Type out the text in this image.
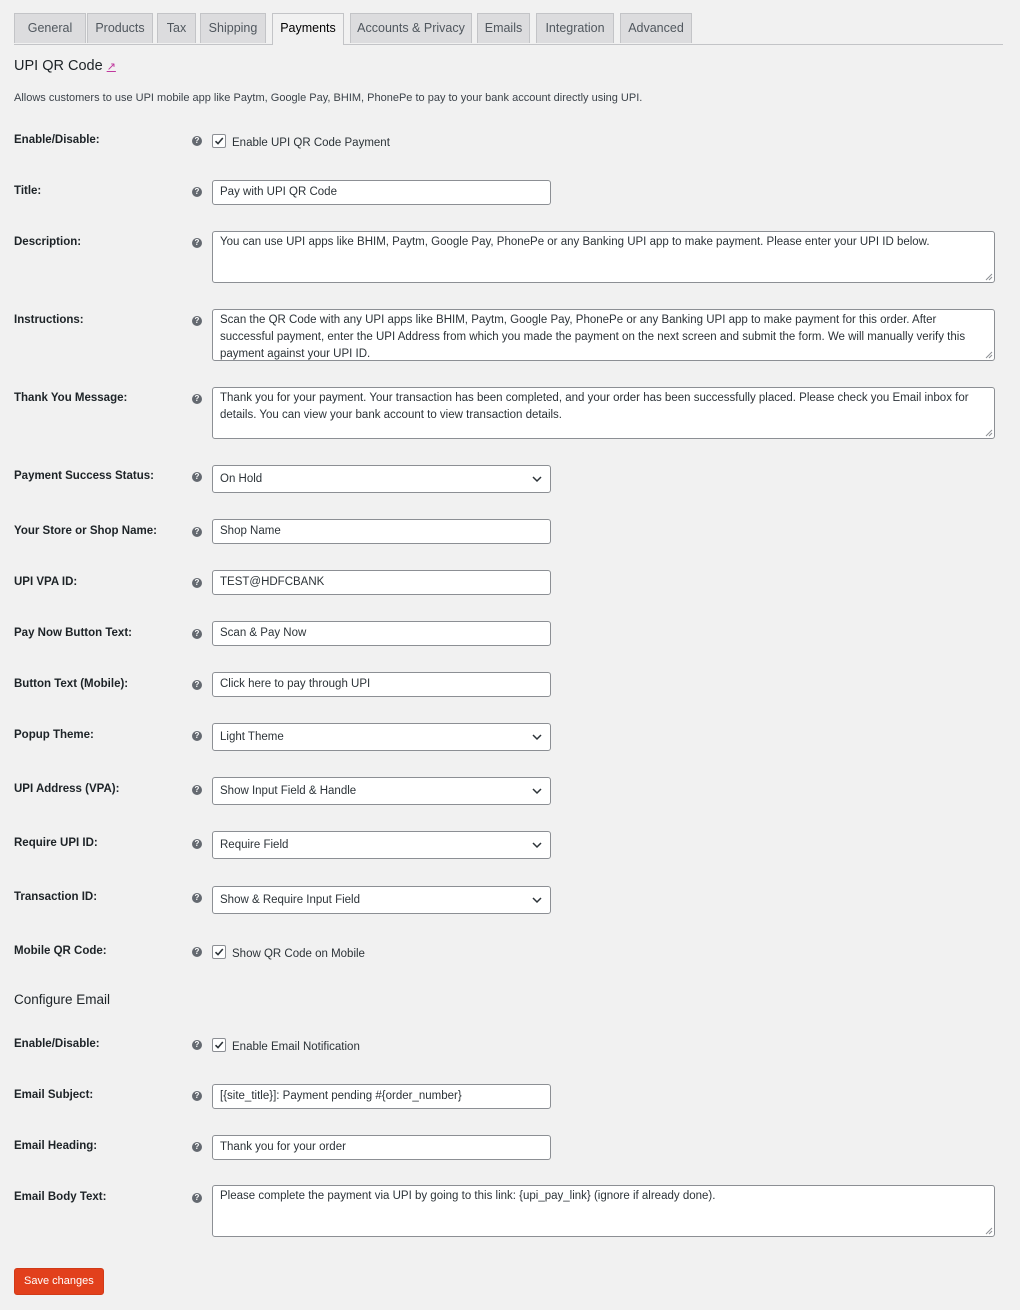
General	Products	Tax	Shipping	Payments	Accounts & Privacy	Emails	Integration	Advanced
UPI QR Code ↗
Allows customers to use UPI mobile app like Paytm, Google Pay, BHIM, PhonePe to pay to your bank account directly using UPI.
Enable/Disable:	?	Enable UPI QR Code Payment
Title:	?	Pay with UPI QR Code
Description:	?	You can use UPI apps like BHIM, Paytm, Google Pay, PhonePe or any Banking UPI app to make payment. Please enter your UPI ID below.
Instructions:	?	Scan the QR Code with any UPI apps like BHIM, Paytm, Google Pay, PhonePe or any Banking UPI app to make payment for this order. After successful payment, enter the UPI Address from which you made the payment on the next screen and submit the form. We will manually verify this payment against your UPI ID.
Thank You Message:	?	Thank you for your payment. Your transaction has been completed, and your order has been successfully placed. Please check you Email inbox for details. You can view your bank account to view transaction details.
Payment Success Status:	?	On Hold
Your Store or Shop Name:	?	Shop Name
UPI VPA ID:	?	TEST@HDFCBANK
Pay Now Button Text:	?	Scan & Pay Now
Button Text (Mobile):	?	Click here to pay through UPI
Popup Theme:	?	Light Theme
UPI Address (VPA):	?	Show Input Field & Handle
Require UPI ID:	?	Require Field
Transaction ID:	?	Show & Require Input Field
Mobile QR Code:	?	Show QR Code on Mobile
Configure Email
Enable/Disable:	?	Enable Email Notification
Email Subject:	?	[{site_title}]: Payment pending #{order_number}
Email Heading:	?	Thank you for your order
Email Body Text:	?	Please complete the payment via UPI by going to this link: {upi_pay_link} (ignore if already done).
Save changes
